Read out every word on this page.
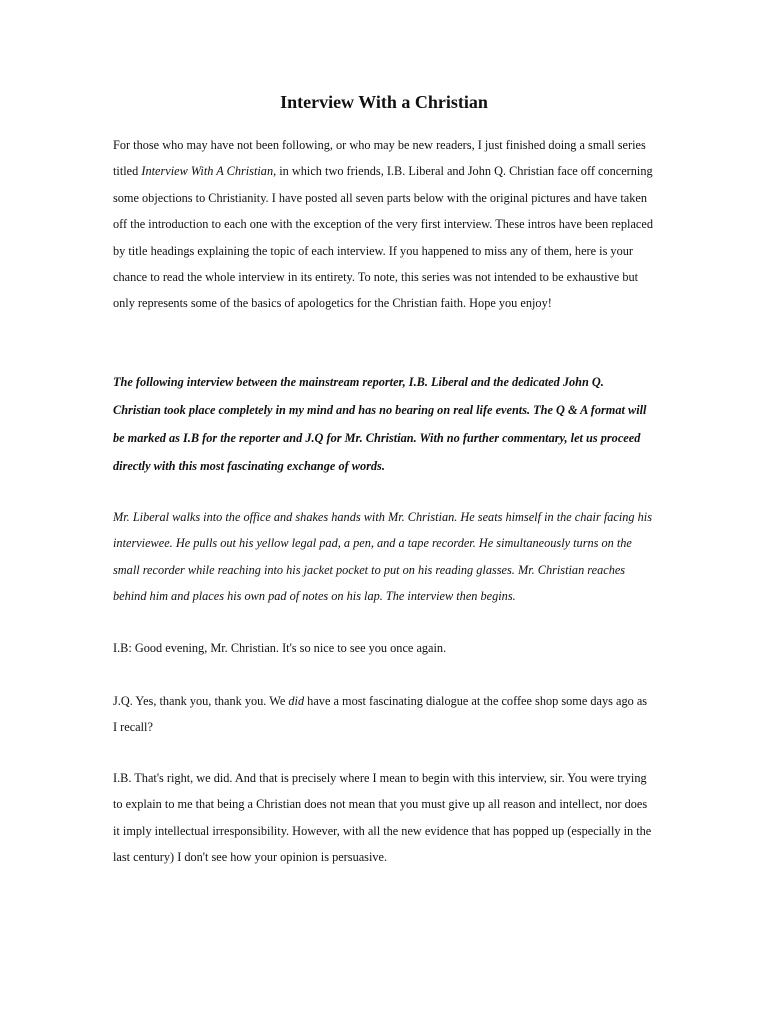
Interview With a Christian

For those who may have not been following, or who may be new readers, I just finished doing a small series titled Interview With A Christian, in which two friends, I.B. Liberal and John Q. Christian face off concerning some objections to Christianity. I have posted all seven parts below with the original pictures and have taken off the introduction to each one with the exception of the very first interview. These intros have been replaced by title headings explaining the topic of each interview. If you happened to miss any of them, here is your chance to read the whole interview in its entirety. To note, this series was not intended to be exhaustive but only represents some of the basics of apologetics for the Christian faith. Hope you enjoy!

The following interview between the mainstream reporter, I.B. Liberal and the dedicated John Q. Christian took place completely in my mind and has no bearing on real life events. The Q & A format will be marked as I.B for the reporter and J.Q for Mr. Christian. With no further commentary, let us proceed directly with this most fascinating exchange of words.

Mr. Liberal walks into the office and shakes hands with Mr. Christian. He seats himself in the chair facing his interviewee. He pulls out his yellow legal pad, a pen, and a tape recorder. He simultaneously turns on the small recorder while reaching into his jacket pocket to put on his reading glasses. Mr. Christian reaches behind him and places his own pad of notes on his lap. The interview then begins.

I.B: Good evening, Mr. Christian. It's so nice to see you once again.

J.Q. Yes, thank you, thank you. We did have a most fascinating dialogue at the coffee shop some days ago as I recall?

I.B. That's right, we did. And that is precisely where I mean to begin with this interview, sir. You were trying to explain to me that being a Christian does not mean that you must give up all reason and intellect, nor does it imply intellectual irresponsibility. However, with all the new evidence that has popped up (especially in the last century) I don't see how your opinion is persuasive.
